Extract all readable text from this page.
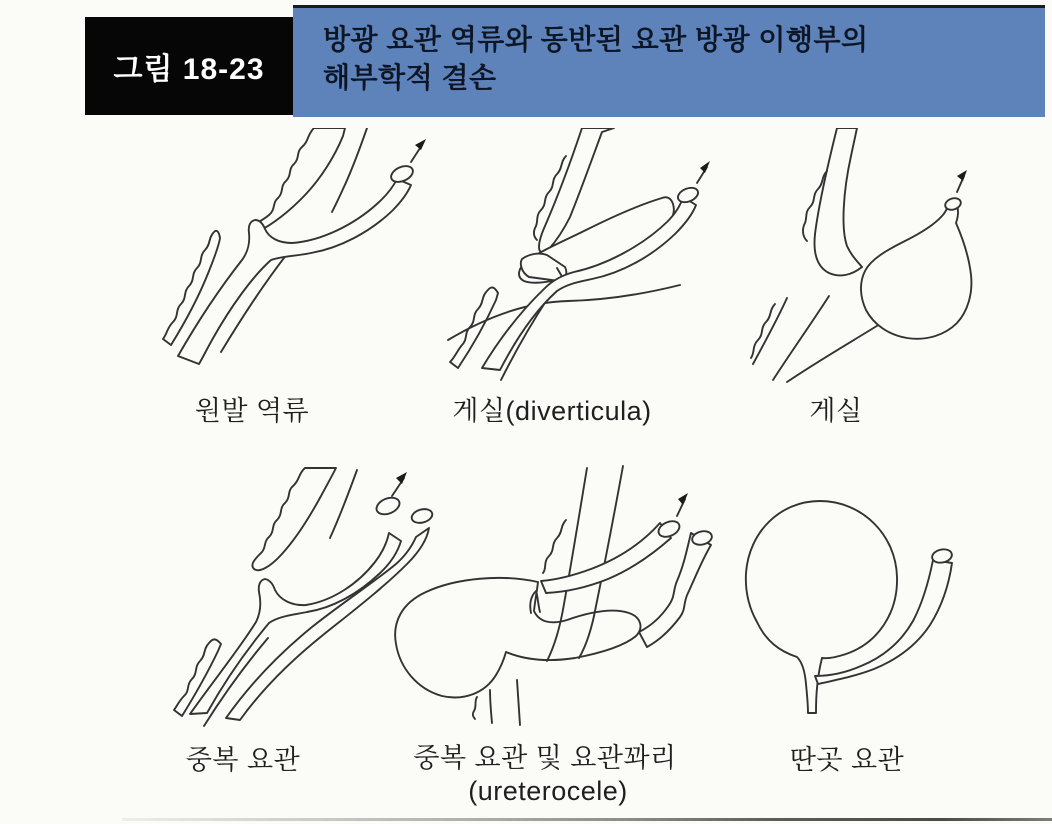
방광 요관 역류와 동반된 요관 방광 이행부의
해부학적 결손
그림 18-23
원발 역류	게실(diverticula)	게실
중복 요관	중복 요관 및 요관꽈리
(ureterocele)
딴곳 요관
